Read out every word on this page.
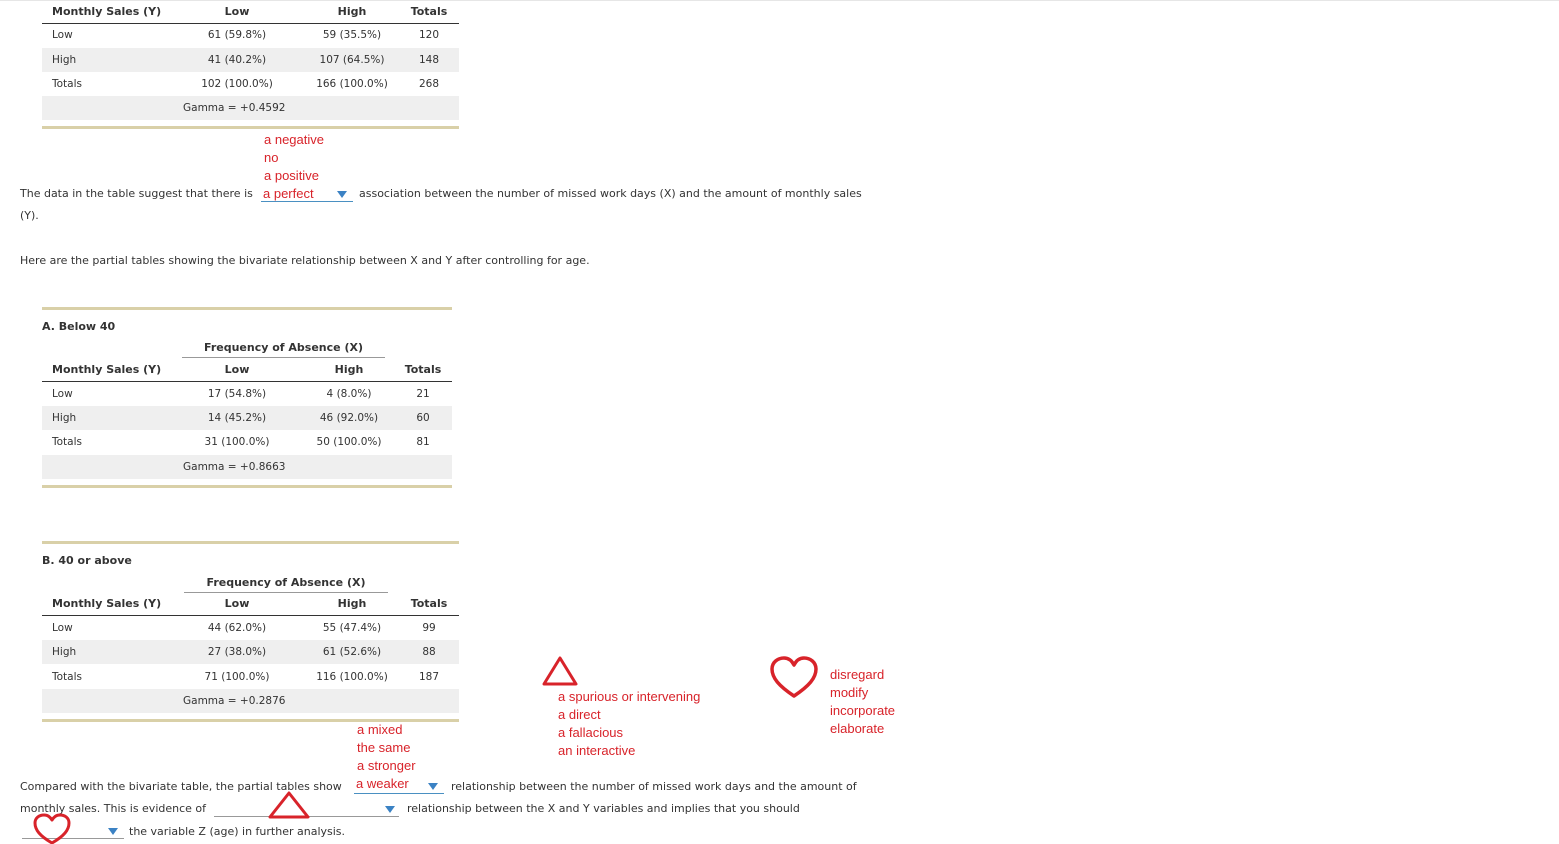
Monthly Sales (Y)	Low	High	Totals
Low	61 (59.8%)	59 (35.5%)	120
High	41 (40.2%)	107 (64.5%)	148
Totals	102 (100.0%)	166 (100.0%)	268
Gamma = +0.4592
a negative
no
a positive
The data in the table suggest that there is a perfect	association between the number of missed work days (X) and the amount of monthly sales
(Y).
Here are the partial tables showing the bivariate relationship between X and Y after controlling for age.
A. Below 40
Frequency of Absence (X)
Monthly Sales (Y)	Low	High	Totals
Low	17 (54.8%)	4 (8.0%)	21
High	14 (45.2%)	46 (92.0%)	60
Totals	31 (100.0%)	50 (100.0%)	81
Gamma = +0.8663
B. 40 or above
Frequency of Absence (X)
Monthly Sales (Y)	Low	High	Totals
Low	44 (62.0%)	55 (47.4%)	99
High	27 (38.0%)	61 (52.6%)	88
Totals	71 (100.0%)	116 (100.0%)	187
Gamma = +0.2876
a mixed
the same
a stronger
a spurious or intervening
a direct
a fallacious
an interactive
disregard
modify
incorporate
elaborate
Compared with the bivariate table, the partial tables show a weaker	relationship between the number of missed work days and the amount of
monthly sales. This is evidence of	relationship between the X and Y variables and implies that you should
the variable Z (age) in further analysis.
